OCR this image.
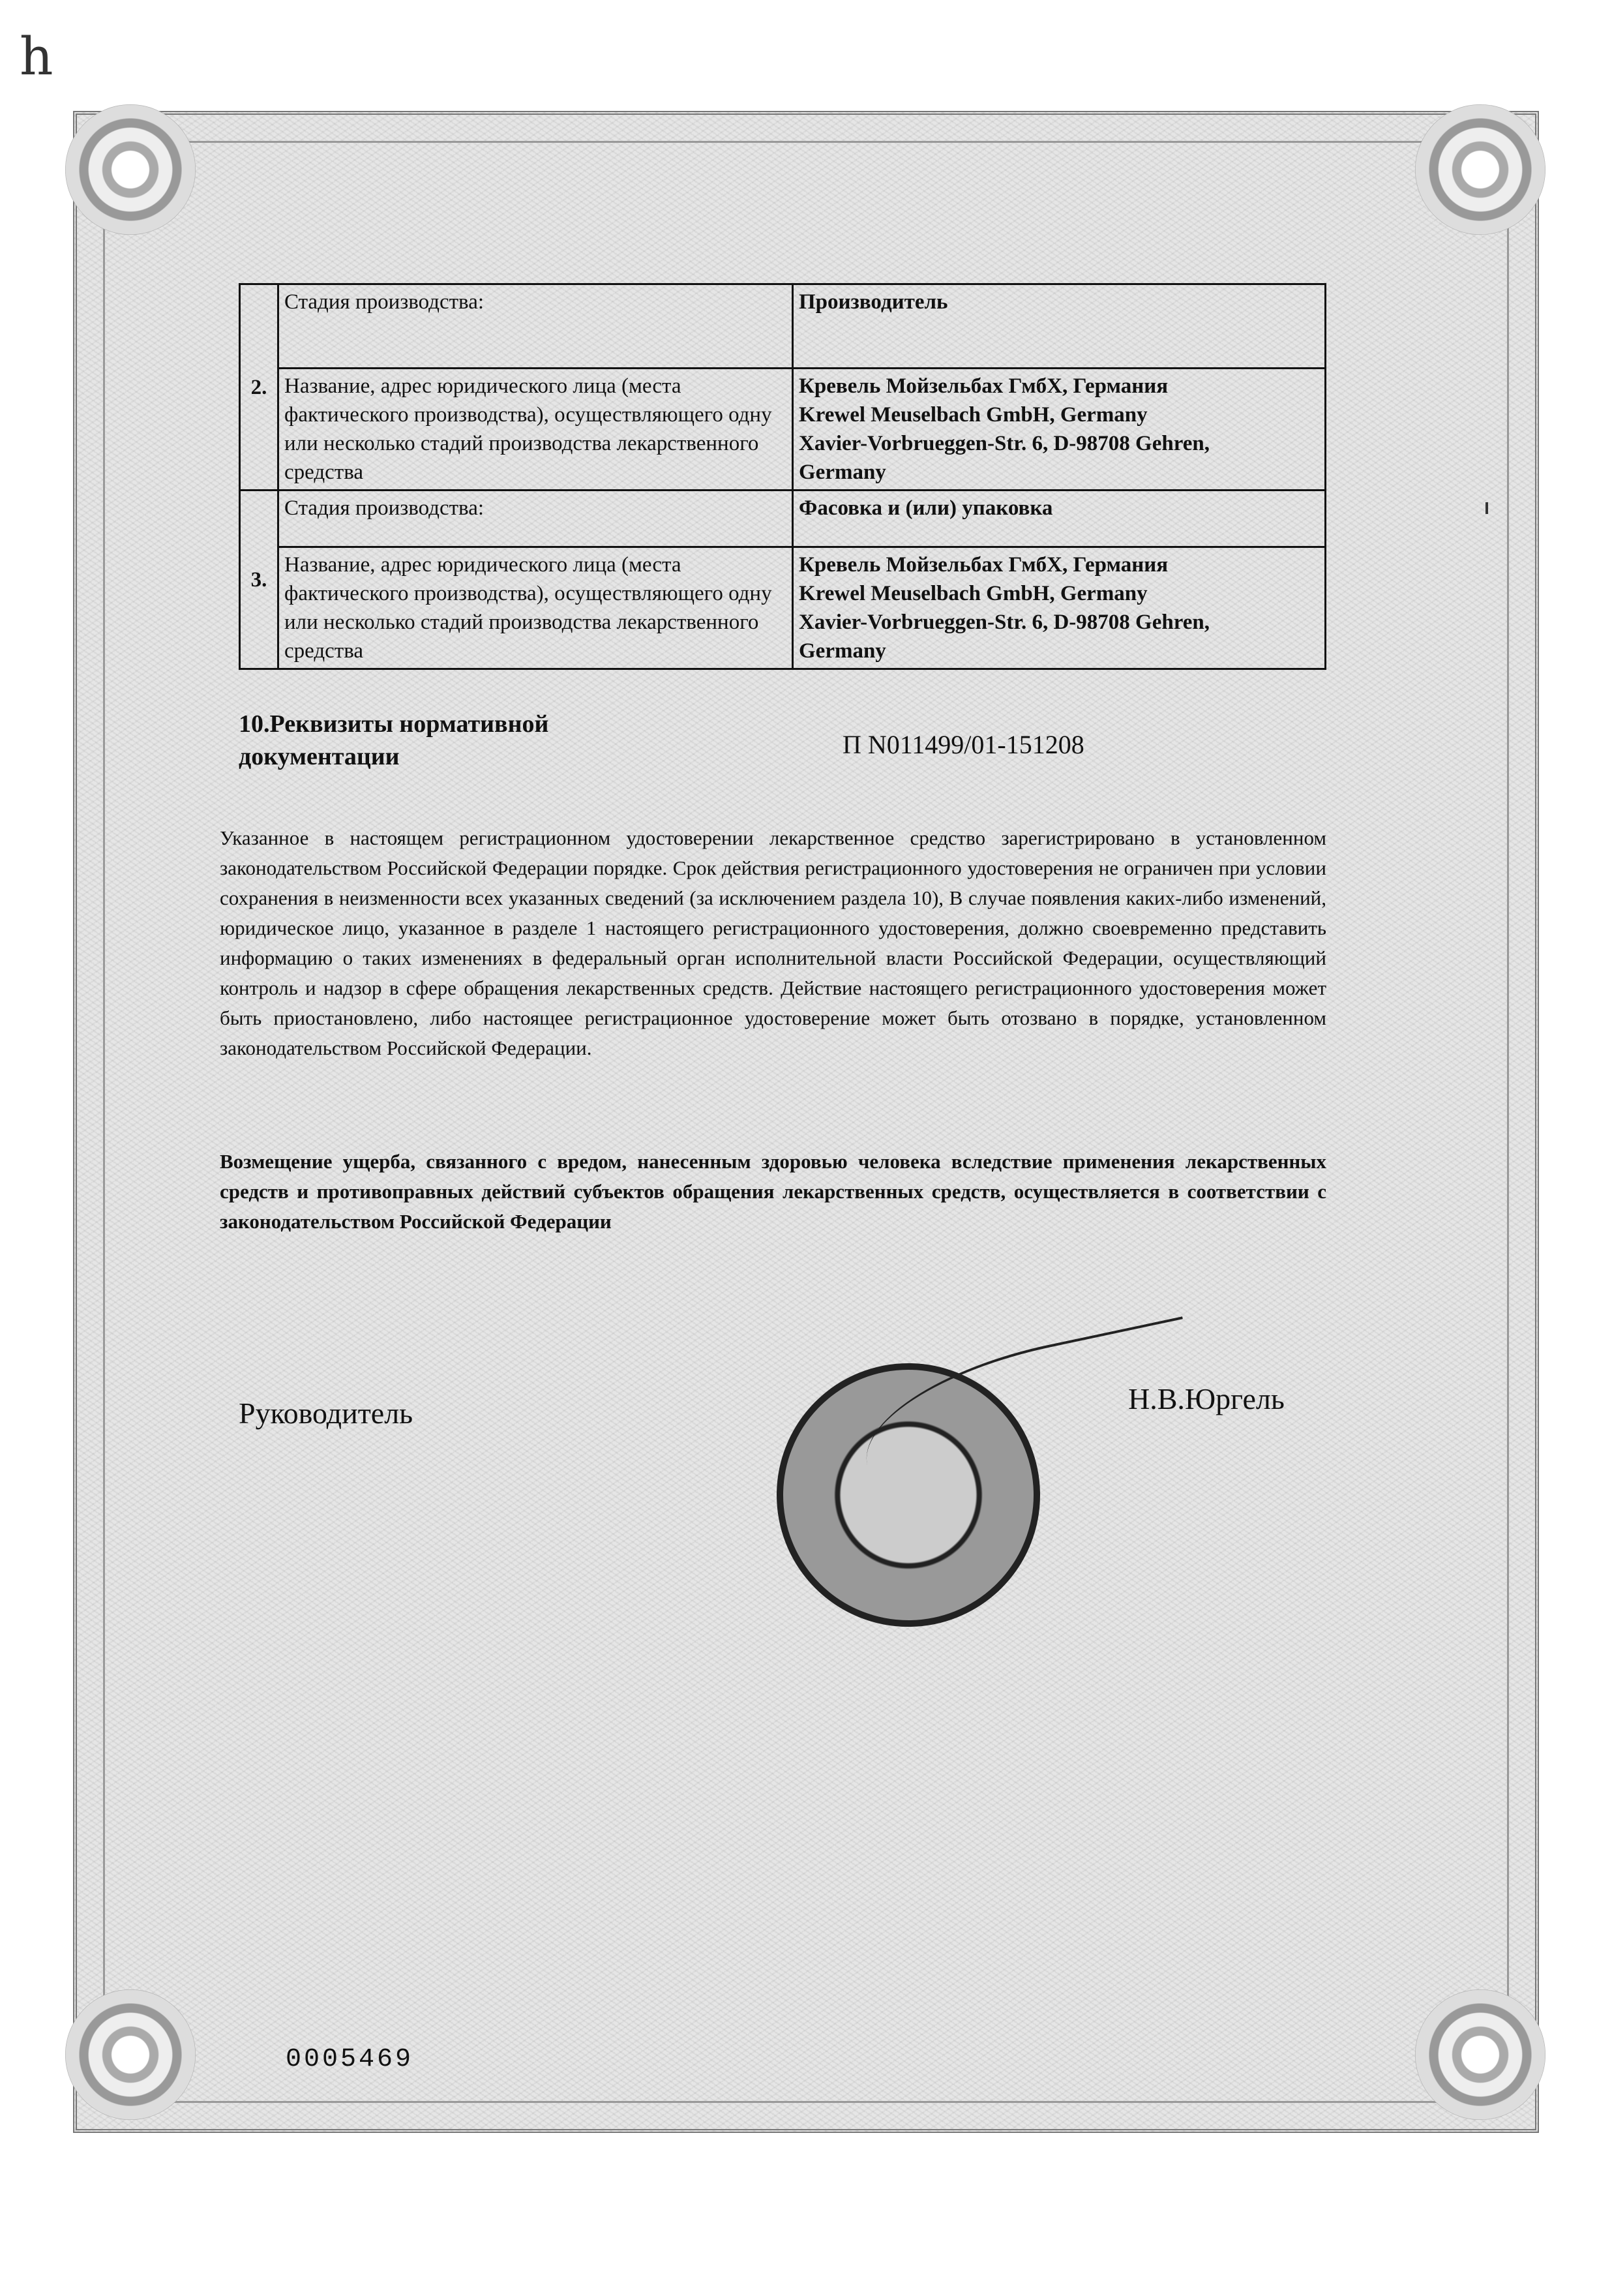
h
2.	Стадия производства:	Производитель
	Название, адрес юридического лица (места фактического производства), осуществляющего одну или несколько стадий производства лекарственного средства	Кревель Мойзельбах ГмбХ, Германия
Krewel Meuselbach GmbH, Germany
Xavier-Vorbrueggen-Str. 6, D-98708 Gehren,
Germany

3.	Стадия производства:	Фасовка и (или) упаковка
	Название, адрес юридического лица (места фактического производства), осуществляющего одну или несколько стадий производства лекарственного средства	Кревель Мойзельбах ГмбХ, Германия
Krewel Meuselbach GmbH, Germany
Xavier-Vorbrueggen-Str. 6, D-98708 Gehren,
Germany
10.Реквизиты нормативной документации	П N011499/01-151208
Указанное в настоящем регистрационном удостоверении лекарственное средство зарегистрировано в установленном законодательством Российской Федерации порядке. Срок действия регистрационного удостоверения не ограничен при условии сохранения в неизменности всех указанных сведений (за исключением раздела 10), В случае появления каких-либо изменений, юридическое лицо, указанное в разделе 1 настоящего регистрационного удостоверения, должно своевременно представить информацию о таких изменениях в федеральный орган исполнительной власти Российской Федерации, осуществляющий контроль и надзор в сфере обращения лекарственных средств. Действие настоящего регистрационного удостоверения может быть приостановлено, либо настоящее регистрационное удостоверение может быть отозвано в порядке, установленном законодательством Российской Федерации.
Возмещение ущерба, связанного с вредом, нанесенным здоровью человека вследствие применения лекарственных средств и противоправных действий субъектов обращения лекарственных средств, осуществляется в соответствии с законодательством Российской Федерации
Руководитель	Н.В.Юргель
0005469
